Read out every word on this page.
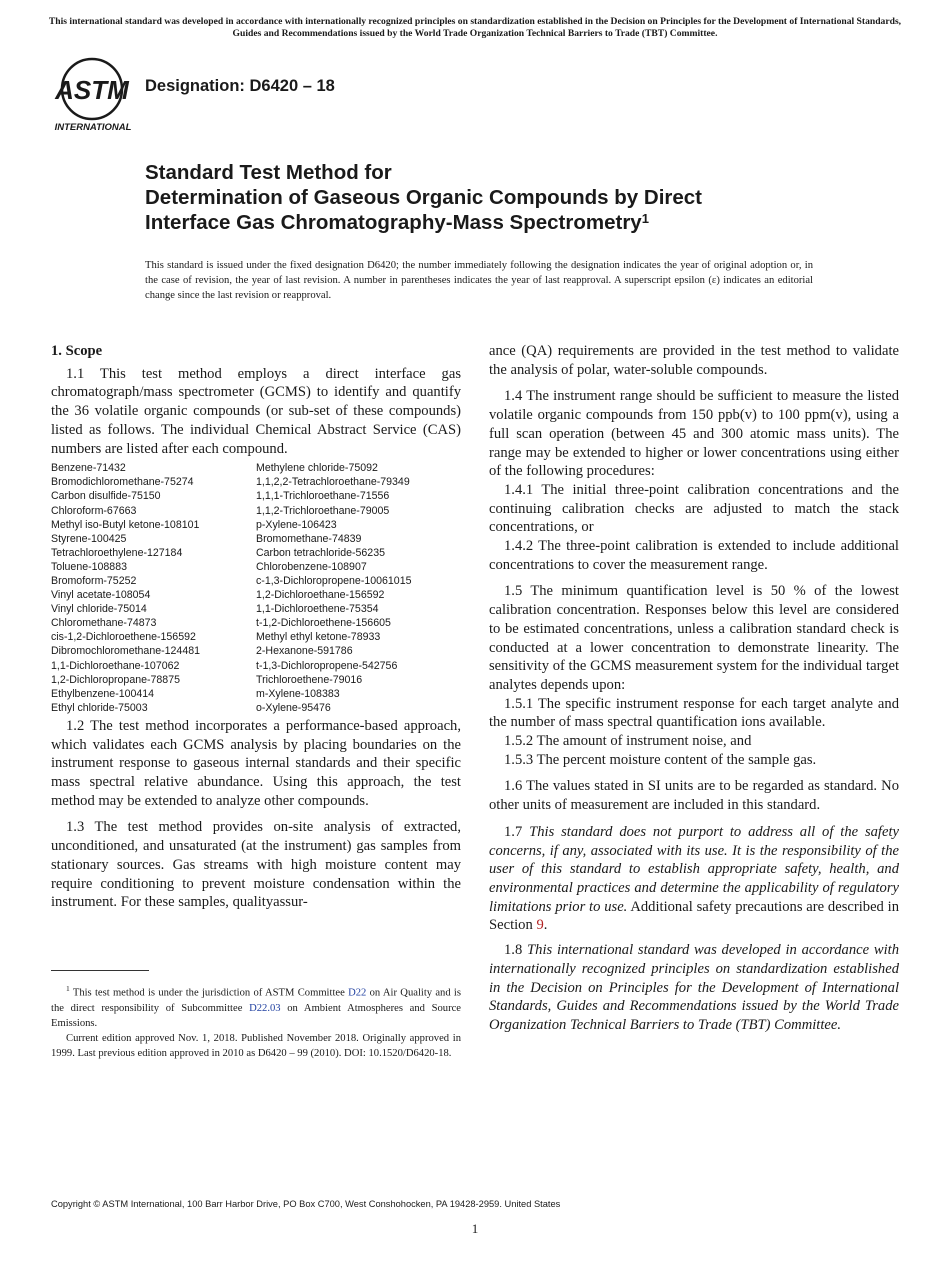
This international standard was developed in accordance with internationally recognized principles on standardization established in the Decision on Principles for the Development of International Standards, Guides and Recommendations issued by the World Trade Organization Technical Barriers to Trade (TBT) Committee.
ASTM
INTERNATIONAL
Designation: D6420 – 18
Standard Test Method for
Determination of Gaseous Organic Compounds by Direct
Interface Gas Chromatography-Mass Spectrometry$^1$
This standard is issued under the fixed designation D6420; the number immediately following the designation indicates the year of original adoption or, in the case of revision, the year of last revision. A number in parentheses indicates the year of last reapproval. A superscript epsilon (ε) indicates an editorial change since the last revision or reapproval.
1. Scope

1.1 This test method employs a direct interface gas chromatograph/mass spectrometer (GCMS) to identify and quantify the 36 volatile organic compounds (or sub-set of these compounds) listed as follows. The individual Chemical Abstract Service (CAS) numbers are listed after each compound.

Benzene-71432	Methylene chloride-75092
Bromodichloromethane-75274	1,1,2,2-Tetrachloroethane-79349
Carbon disulfide-75150	1,1,1-Trichloroethane-71556
Chloroform-67663	1,1,2-Trichloroethane-79005
Methyl iso-Butyl ketone-108101	p-Xylene-106423
Styrene-100425	Bromomethane-74839
Tetrachloroethylene-127184	Carbon tetrachloride-56235
Toluene-108883	Chlorobenzene-108907
Bromoform-75252	c-1,3-Dichloropropene-10061015
Vinyl acetate-108054	1,2-Dichloroethane-156592
Vinyl chloride-75014	1,1-Dichloroethene-75354
Chloromethane-74873	t-1,2-Dichloroethene-156605
cis-1,2-Dichloroethene-156592	Methyl ethyl ketone-78933
Dibromochloromethane-124481	2-Hexanone-591786
1,1-Dichloroethane-107062	t-1,3-Dichloropropene-542756
1,2-Dichloropropane-78875	Trichloroethene-79016
Ethylbenzene-100414	m-Xylene-108383
Ethyl chloride-75003	o-Xylene-95476

1.2 The test method incorporates a performance-based approach, which validates each GCMS analysis by placing boundaries on the instrument response to gaseous internal standards and their specific mass spectral relative abundance. Using this approach, the test method may be extended to analyze other compounds.

1.3 The test method provides on-site analysis of extracted, unconditioned, and unsaturated (at the instrument) gas samples from stationary sources. Gas streams with high moisture content may require conditioning to prevent moisture condensation within the instrument. For these samples, qualityassur-

ance (QA) requirements are provided in the test method to validate the analysis of polar, water-soluble compounds.

1.4 The instrument range should be sufficient to measure the listed volatile organic compounds from 150 ppb(v) to 100 ppm(v), using a full scan operation (between 45 and 300 atomic mass units). The range may be extended to higher or lower concentrations using either of the following procedures:

1.4.1 The initial three-point calibration concentrations and the continuing calibration checks are adjusted to match the stack concentrations, or

1.4.2 The three-point calibration is extended to include additional concentrations to cover the measurement range.

1.5 The minimum quantification level is 50 % of the lowest calibration concentration. Responses below this level are considered to be estimated concentrations, unless a calibration standard check is conducted at a lower concentration to demonstrate linearity. The sensitivity of the GCMS measurement system for the individual target analytes depends upon:

1.5.1 The specific instrument response for each target analyte and the number of mass spectral quantification ions available.

1.5.2 The amount of instrument noise, and

1.5.3 The percent moisture content of the sample gas.

1.6 The values stated in SI units are to be regarded as standard. No other units of measurement are included in this standard.

1.7 This standard does not purport to address all of the safety concerns, if any, associated with its use. It is the responsibility of the user of this standard to establish appropriate safety, health, and environmental practices and determine the applicability of regulatory limitations prior to use. Additional safety precautions are described in Section 9.

1.8 This international standard was developed in accordance with internationally recognized principles on standardization established in the Decision on Principles for the Development of International Standards, Guides and Recommendations issued by the World Trade Organization Technical Barriers to Trade (TBT) Committee.

$^1$ This test method is under the jurisdiction of ASTM Committee D22 on Air Quality and is the direct responsibility of Subcommittee D22.03 on Ambient Atmospheres and Source Emissions.

Current edition approved Nov. 1, 2018. Published November 2018. Originally approved in 1999. Last previous edition approved in 2010 as D6420 – 99 (2010). DOI: 10.1520/D6420-18.

Copyright © ASTM International, 100 Barr Harbor Drive, PO Box C700, West Conshohocken, PA 19428-2959. United States
1
